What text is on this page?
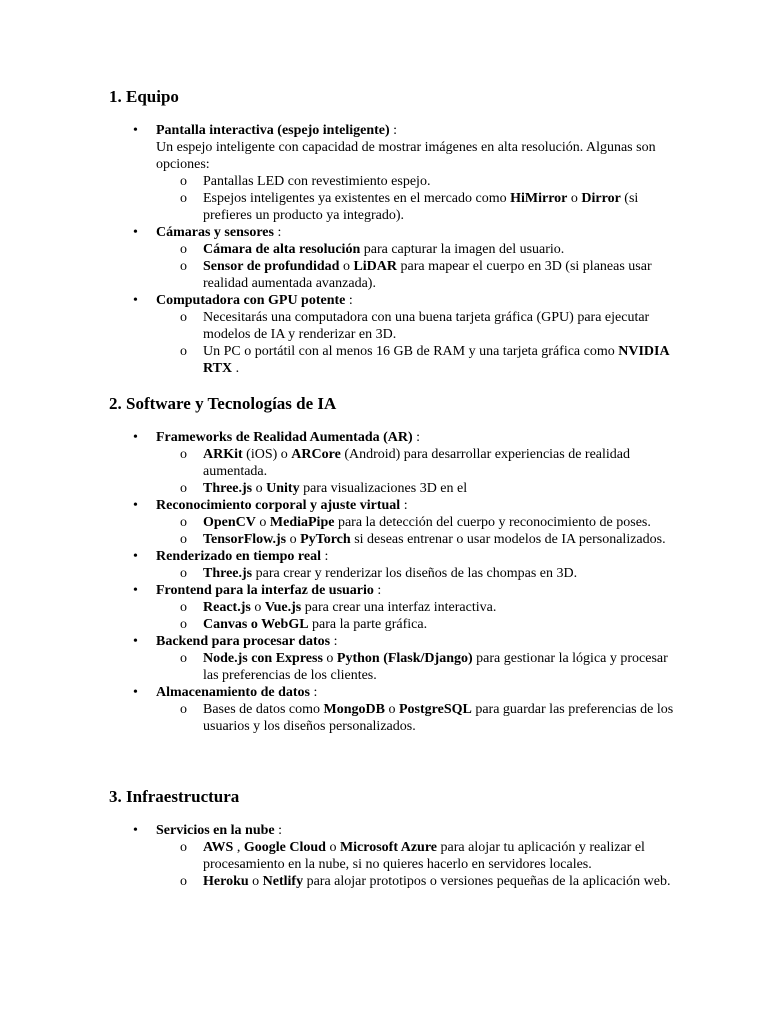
1. Equipo
• Pantalla interactiva (espejo inteligente) :
Un espejo inteligente con capacidad de mostrar imágenes en alta resolución. Algunas son opciones:
o Pantallas LED con revestimiento espejo.
o Espejos inteligentes ya existentes en el mercado como HiMirror o Dirror (si prefieres un producto ya integrado).
• Cámaras y sensores :
o Cámara de alta resolución para capturar la imagen del usuario.
o Sensor de profundidad o LiDAR para mapear el cuerpo en 3D (si planeas usar realidad aumentada avanzada).
• Computadora con GPU potente :
o Necesitarás una computadora con una buena tarjeta gráfica (GPU) para ejecutar modelos de IA y renderizar en 3D.
o Un PC o portátil con al menos 16 GB de RAM y una tarjeta gráfica como NVIDIA RTX .
2. Software y Tecnologías de IA
• Frameworks de Realidad Aumentada (AR) :
o ARKit (iOS) o ARCore (Android) para desarrollar experiencias de realidad aumentada.
o Three.js o Unity para visualizaciones 3D en el
• Reconocimiento corporal y ajuste virtual :
o OpenCV o MediaPipe para la detección del cuerpo y reconocimiento de poses.
o TensorFlow.js o PyTorch si deseas entrenar o usar modelos de IA personalizados.
• Renderizado en tiempo real :
o Three.js para crear y renderizar los diseños de las chompas en 3D.
• Frontend para la interfaz de usuario :
o React.js o Vue.js para crear una interfaz interactiva.
o Canvas o WebGL para la parte gráfica.
• Backend para procesar datos :
o Node.js con Express o Python (Flask/Django) para gestionar la lógica y procesar las preferencias de los clientes.
• Almacenamiento de datos :
o Bases de datos como MongoDB o PostgreSQL para guardar las preferencias de los usuarios y los diseños personalizados.
3. Infraestructura
• Servicios en la nube :
o AWS , Google Cloud o Microsoft Azure para alojar tu aplicación y realizar el procesamiento en la nube, si no quieres hacerlo en servidores locales.
o Heroku o Netlify para alojar prototipos o versiones pequeñas de la aplicación web.
